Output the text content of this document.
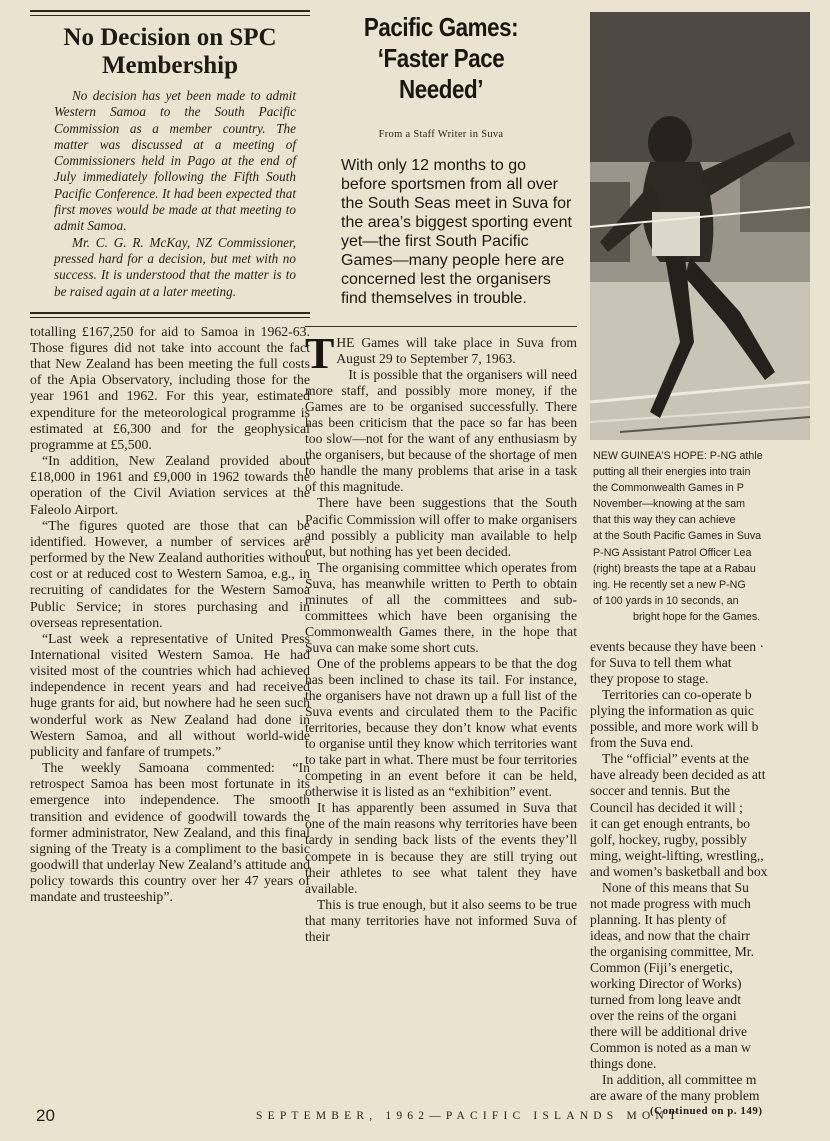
No Decision on SPC Membership

No decision has yet been made to admit Western Samoa to the South Pacific Commission as a member country. The matter was discussed at a meeting of Commissioners held in Pago at the end of July immediately following the Fifth South Pacific Conference. It had been expected that first moves would be made at that meeting to admit Samoa.

Mr. C. G. R. McKay, NZ Commissioner, pressed hard for a decision, but met with no success. It is understood that the matter is to be raised again at a later meeting.

totalling £167,250 for aid to Samoa in 1962-63. Those figures did not take into account the fact that New Zealand has been meeting the full costs of the Apia Observatory, including those for the year 1961 and 1962. For this year, estimated expenditure for the meteorological programme is estimated at £6,300 and for the geophysical programme at £5,500.

“In addition, New Zealand provided about £18,000 in 1961 and £9,000 in 1962 towards the operation of the Civil Aviation services at the Faleolo Airport.

“The figures quoted are those that can be identified. However, a number of services are performed by the New Zealand authorities without cost or at reduced cost to Western Samoa, e.g., in recruiting of candidates for the Western Samoa Public Service; in stores purchasing and in overseas representation.

“Last week a representative of United Press International visited Western Samoa. He had visited most of the countries which had achieved independence in recent years and had received huge grants for aid, but nowhere had he seen such wonderful work as New Zealand had done in Western Samoa, and all without world-wide publicity and fanfare of trumpets.”

The weekly Samoana commented: “In retrospect Samoa has been most fortunate in its emergence into independence. The smooth transition and evidence of goodwill towards the former administrator, New Zealand, and this final signing of the Treaty is a compliment to the basic goodwill that underlay New Zealand’s attitude and policy towards this country over her 47 years of mandate and trusteeship”.

Pacific Games:
‘Faster Pace
Needed’
From a Staff Writer in Suva

With only 12 months to go before sportsmen from all over the South Seas meet in Suva for the area’s biggest sporting event yet—the first South Pacific Games—many people here are concerned lest the organisers find themselves in trouble.

THE Games will take place in Suva from August 29 to September 7, 1963.

It is possible that the organisers will need more staff, and possibly more money, if the Games are to be organised successfully. There has been criticism that the pace so far has been too slow—not for the want of any enthusiasm by the organisers, but because of the shortage of men to handle the many problems that arise in a task of this magnitude.

There have been suggestions that the South Pacific Commission will offer to make organisers and possibly a publicity man available to help out, but nothing has yet been decided.

The organising committee which operates from Suva, has meanwhile written to Perth to obtain minutes of all the committees and sub-committees which have been organising the Commonwealth Games there, in the hope that Suva can make some short cuts.

One of the problems appears to be that the dog has been inclined to chase its tail. For instance, the organisers have not drawn up a full list of the Suva events and circulated them to the Pacific territories, because they don’t know what events to organise until they know which territories want to take part in what. There must be four territories competing in an event before it can be held, otherwise it is listed as an “exhibition” event.

It has apparently been assumed in Suva that one of the main reasons why territories have been tardy in sending back lists of the events they’ll compete in is because they are still trying out their athletes to see what talent they have available.

This is true enough, but it also seems to be true that many territories have not informed Suva of their

NEW GUINEA’S HOPE: P-NG athle
putting all their energies into train
the Commonwealth Games in P
November—knowing at the sam
that this way they can achieve
at the South Pacific Games in Suva
P-NG Assistant Patrol Officer Lea
(right) breasts the tape at a Rabau
ing. He recently set a new P-NG
of 100 yards in 10 seconds, an
bright hope for the Games.

events because they have been ·

for Suva to tell them what

they propose to stage.

Territories can co-operate b

plying the information as quic

possible, and more work will b

from the Suva end.

The “official” events at the

have already been decided as att

soccer and tennis. But the

Council has decided it will ;

it can get enough entrants, bo

golf, hockey, rugby, possibly

ming, weight-lifting, wrestling,,

and women’s basketball and box

None of this means that Su

not made progress with much

planning. It has plenty of

ideas, and now that the chairr

the organising committee, Mr.

Common (Fiji’s energetic,

working Director of Works)

turned from long leave andt

over the reins of the organi

there will be additional drive

Common is noted as a man w

things done.

In addition, all committee m

are aware of the many problem

(Continued on p. 149)
20	SEPTEMBER, 1962—PACIFIC ISLANDS MONT
